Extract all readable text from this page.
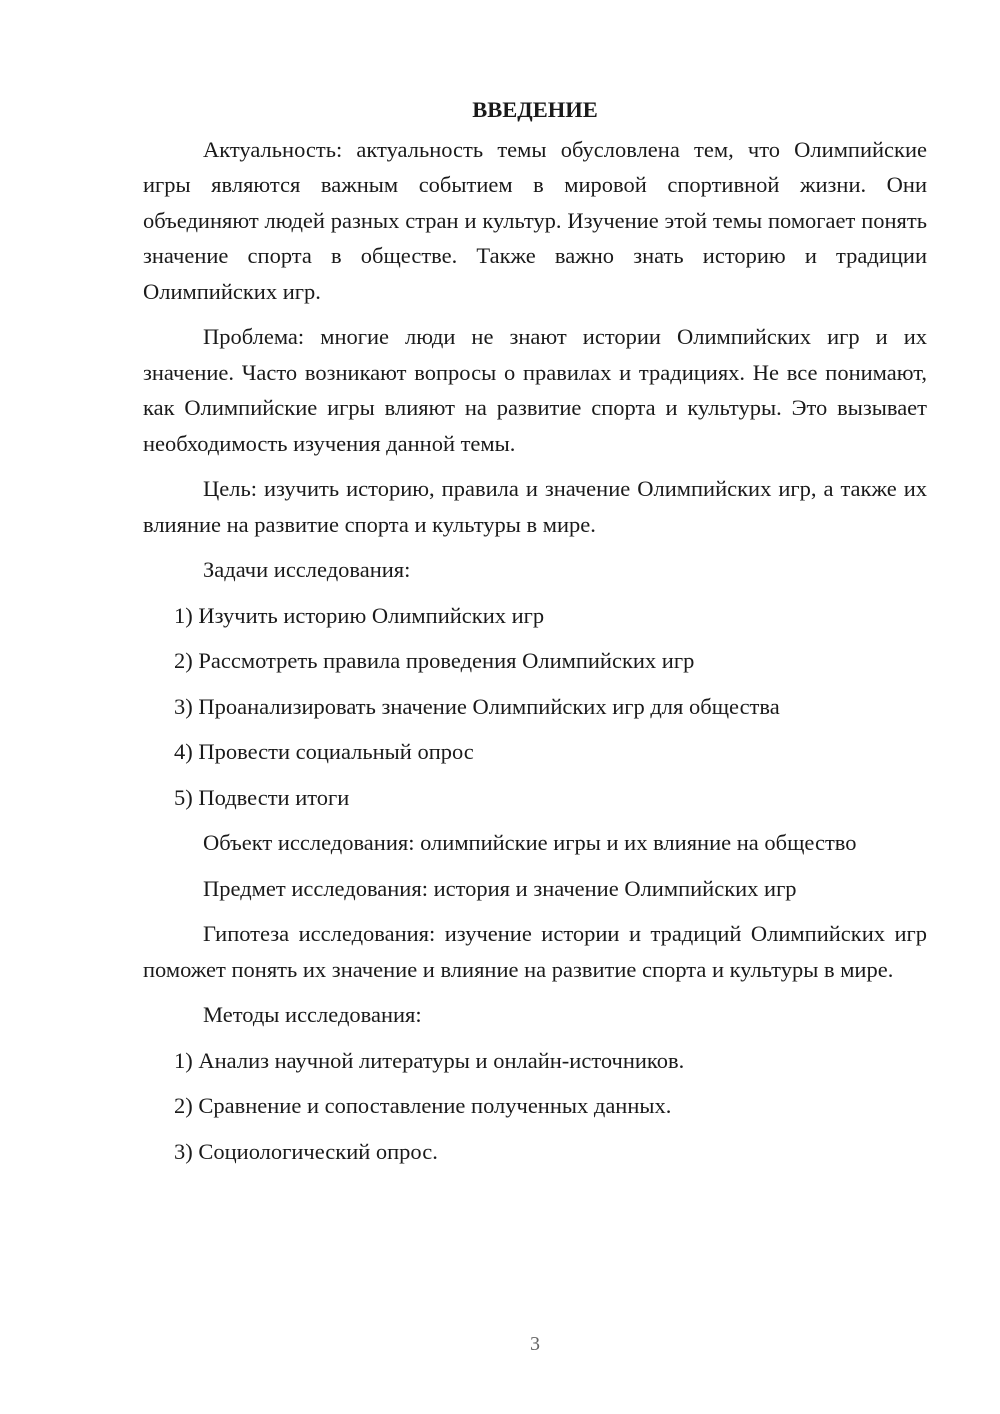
ВВЕДЕНИЕ

Актуальность: актуальность темы обусловлена тем, что Олимпийские игры являются важным событием в мировой спортивной жизни. Они объединяют людей разных стран и культур. Изучение этой темы помогает понять значение спорта в обществе. Также важно знать историю и традиции Олимпийских игр.

Проблема: многие люди не знают истории Олимпийских игр и их значение. Часто возникают вопросы о правилах и традициях. Не все понимают, как Олимпийские игры влияют на развитие спорта и культуры. Это вызывает необходимость изучения данной темы.

Цель: изучить историю, правила и значение Олимпийских игр, а также их влияние на развитие спорта и культуры в мире.

Задачи исследования:
1) Изучить историю Олимпийских игр
2) Рассмотреть правила проведения Олимпийских игр
3) Проанализировать значение Олимпийских игр для общества
4) Провести социальный опрос
5) Подвести итоги
Объект исследования: олимпийские игры и их влияние на общество
Предмет исследования: история и значение Олимпийских игр

Гипотеза исследования: изучение истории и традиций Олимпийских игр поможет понять их значение и влияние на развитие спорта и культуры в мире.

Методы исследования:
1) Анализ научной литературы и онлайн-источников.
2) Сравнение и сопоставление полученных данных.
3) Социологический опрос.
3
